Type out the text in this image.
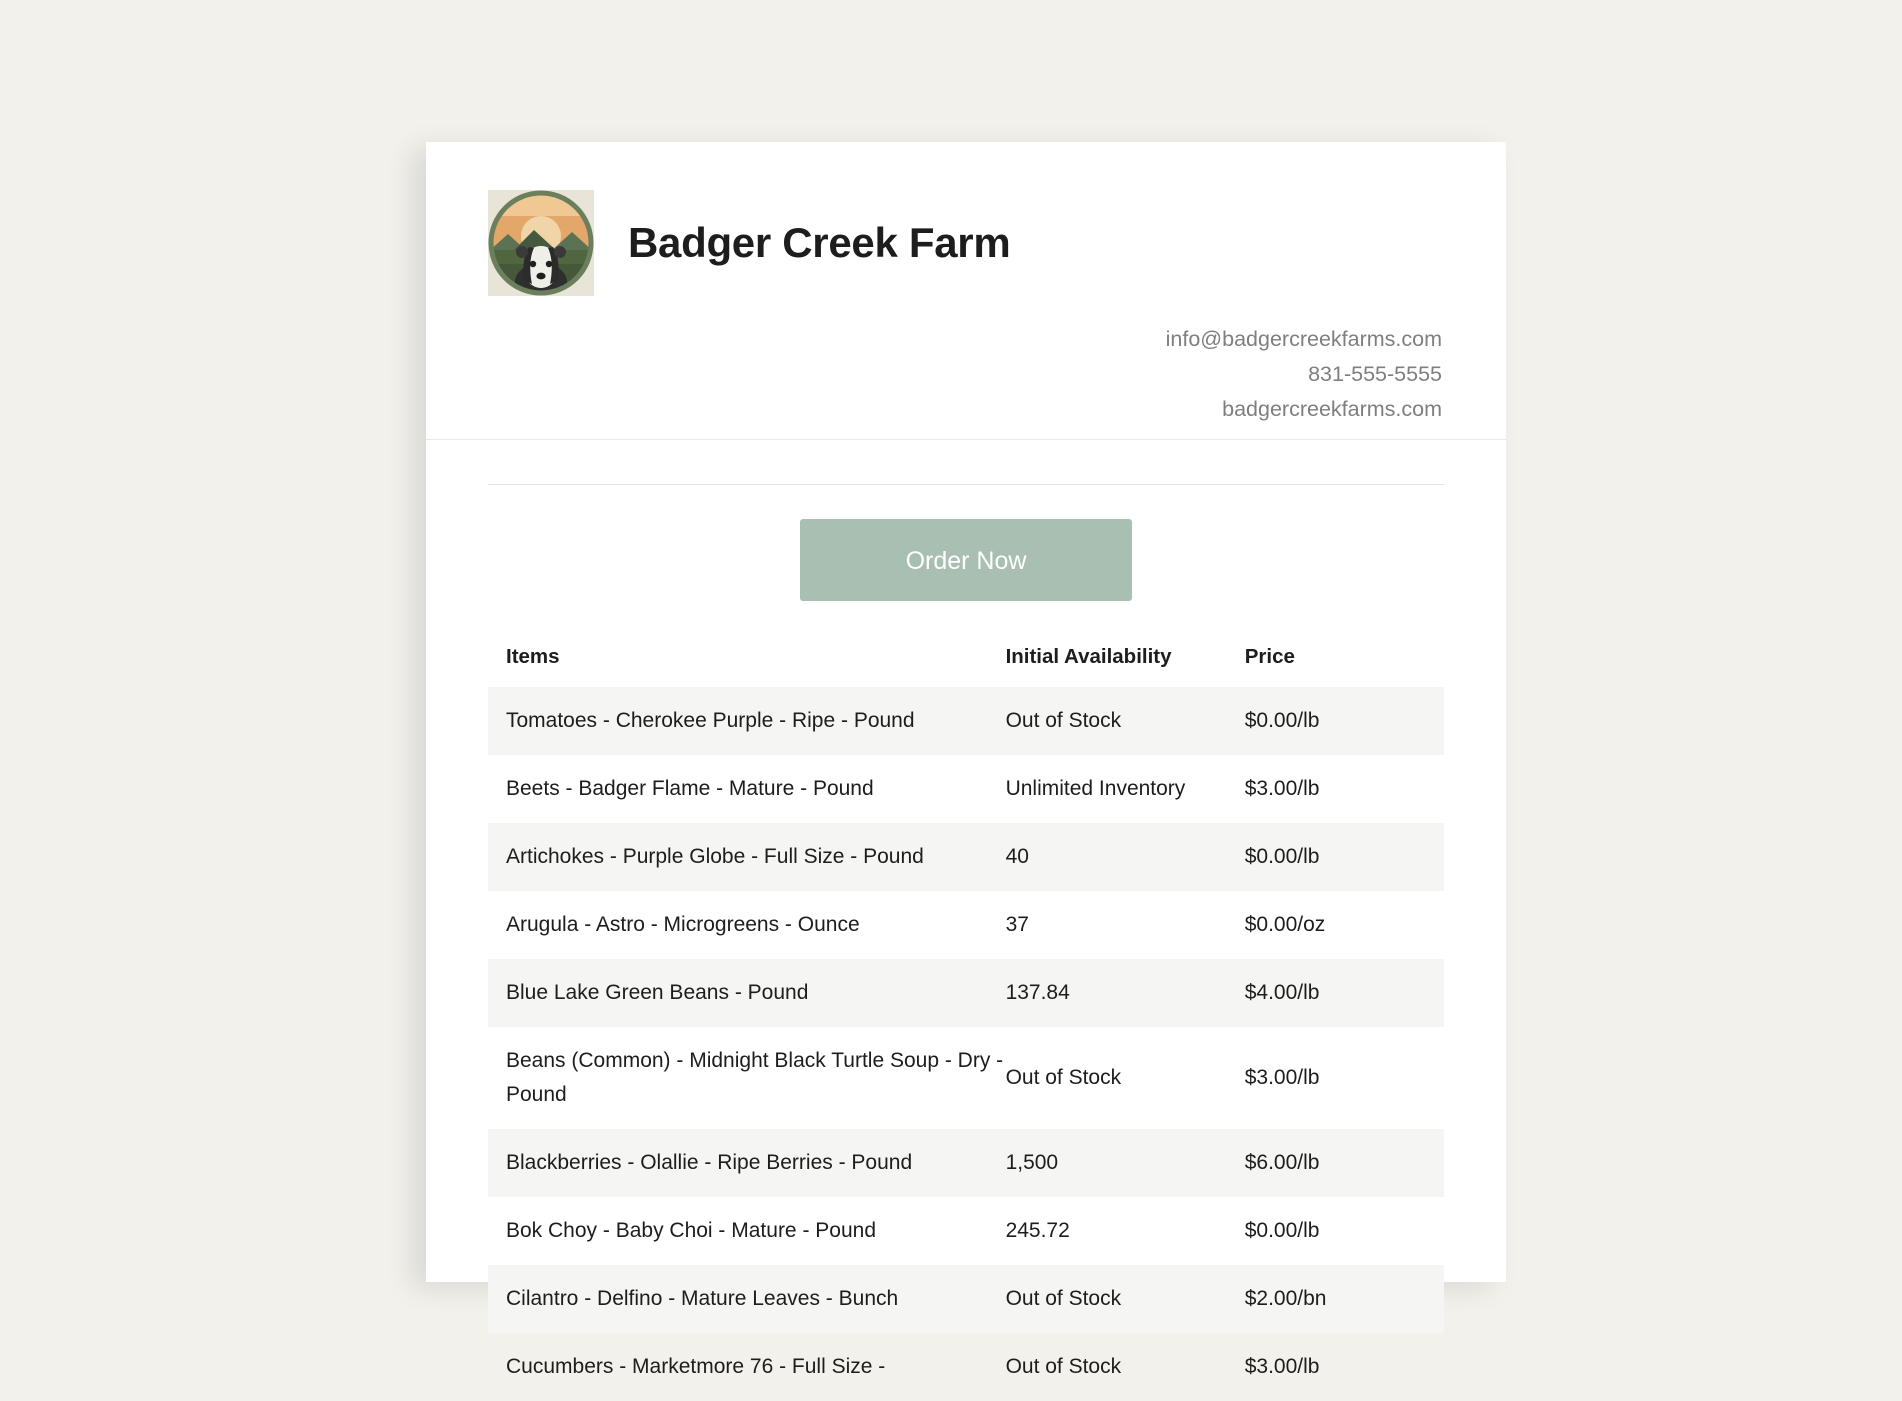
Badger Creek Farm
info@badgercreekfarms.com
831-555-5555
badgercreekfarms.com
Order Now
Items	Initial Availability	Price
Tomatoes - Cherokee Purple - Ripe - Pound	Out of Stock	$0.00/lb
Beets - Badger Flame - Mature - Pound	Unlimited Inventory	$3.00/lb
Artichokes - Purple Globe - Full Size - Pound	40	$0.00/lb
Arugula - Astro - Microgreens - Ounce	37	$0.00/oz
Blue Lake Green Beans - Pound	137.84	$4.00/lb
Beans (Common) - Midnight Black Turtle Soup - Dry - Pound	Out of Stock	$3.00/lb
Blackberries - Olallie - Ripe Berries - Pound	1,500	$6.00/lb
Bok Choy - Baby Choi - Mature - Pound	245.72	$0.00/lb
Cilantro - Delfino - Mature Leaves - Bunch	Out of Stock	$2.00/bn
Cucumbers - Marketmore 76 - Full Size -	Out of Stock	$3.00/lb
